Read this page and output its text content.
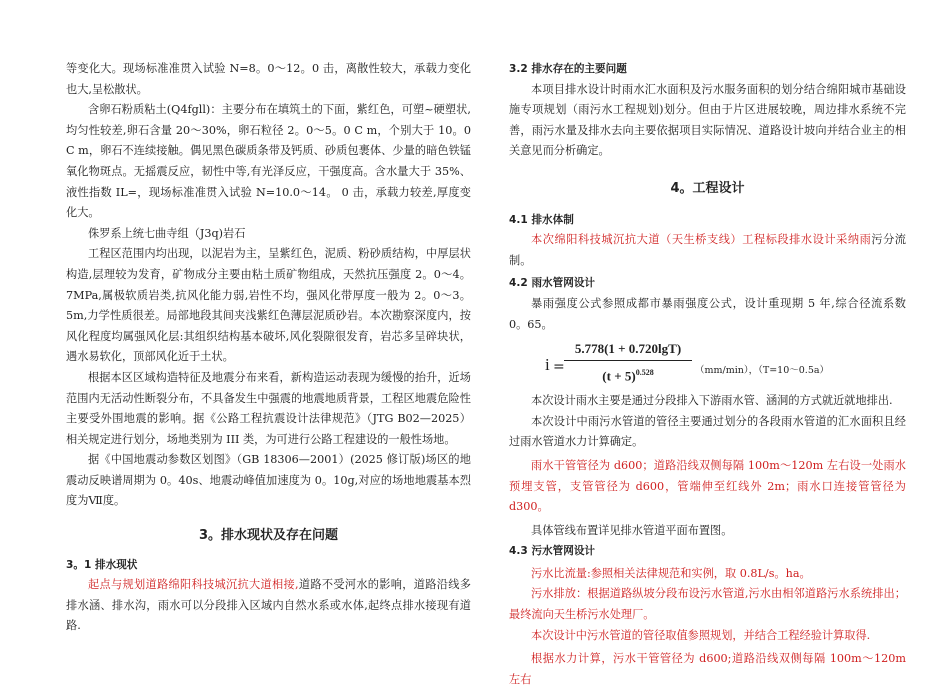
等变化大。现场标准准贯入试验 N=8。0～12。0 击，离散性较大，承载力变化也大,呈松散状。

含卵石粉质粘土(Q4fgll)：主要分布在填筑土的下面，紫红色，可塑~硬塑状,均匀性较差,卵石含量 20～30%，卵石粒径 2。0～5。0 C m，个别大于 10。0 C m，卵石不连续接触。偶见黑色碳质条带及钙质、砂质包裹体、少量的暗色铁锰氧化物斑点。无摇震反应，韧性中等,有光泽反应，干强度高。含水量大于 35%、液性指数 IL=，现场标准准贯入试验 N=10.0～14。 0 击，承载力较差,厚度变化大。

侏罗系上统七曲寺组（J3q)岩石

工程区范围内均出现，以泥岩为主，呈紫红色，泥质、粉砂质结构，中厚层状构造,层理较为发育，矿物成分主要由粘土质矿物组成，天然抗压强度 2。0～4。7MPa,属极软质岩类,抗风化能力弱,岩性不均，强风化带厚度一般为 2。0～3。5m,力学性质很差。局部地段其间夹浅紫红色薄层泥质砂岩。本次勘察深度内，按风化程度均属强风化层:其组织结构基本破坏,风化裂隙很发育，岩芯多呈碎块状，遇水易软化，顶部风化近于土状。

根据本区区域构造特征及地震分布来看，新构造运动表现为缓慢的抬升，近场范围内无活动性断裂分布，不具备发生中强震的地震地质背景，工程区地震危险性主要受外围地震的影响。据《公路工程抗震设计法律规范》（JTG B02—2025）相关规定进行划分，场地类别为 III 类，为可进行公路工程建设的一般性场地。

据《中国地震动参数区划图》（GB 18306—2001）(2025 修订版)场区的地震动反映谱周期为 0。40s、地震动峰值加速度为 0。10g,对应的场地地震基本烈度为Ⅶ度。

3。排水现状及存在问题
3。1 排水现状

起点与规划道路绵阳科技城沉抗大道相接,道路不受河水的影响，道路沿线多排水涵、排水沟，雨水可以分段排入区域内自然水系或水体,起终点排水接现有道路.

3.2 排水存在的主要问题

本项目排水设计时雨水汇水面积及污水服务面积的划分结合绵阳城市基础设施专项规划（雨污水工程规划)划分。但由于片区进展较晚，周边排水系统不完善，雨污水量及排水去向主要依据项目实际情况、道路设计坡向并结合业主的相关意见而分析确定。

4。工程设计
4.1 排水体制

本次绵阳科技城沉抗大道（天生桥支线）工程标段排水设计采纳雨污分流制。

4.2 雨水管网设计

暴雨强度公式参照成都市暴雨强度公式，设计重现期 5 年,综合径流系数 0。65。

i =
5.778(1 + 0.720lgT)
$(t + 5)^{0.528}$	（mm/min），（T=10～0.5a）

本次设计雨水主要是通过分段排入下游雨水管、涵洞的方式就近就地排出.

本次设计中雨污水管道的管径主要通过划分的各段雨水管道的汇水面积且经过雨水管道水力计算确定。

雨水干管管径为 d600；道路沿线双侧每隔 100m～120m 左右设一处雨水预埋支管，支管管径为 d600，管端伸至红线外 2m；雨水口连接管管径为 d300。

具体管线布置详见排水管道平面布置图。

4.3 污水管网设计

污水比流量:参照相关法律规范和实例，取 0.8L/s。ha。

污水排放：根据道路纵坡分段布设污水管道,污水由相邻道路污水系统排出；最终流向天生桥污水处理厂。

本次设计中污水管道的管径取值参照规划，并结合工程经验计算取得.

根据水力计算，污水干管管径为 d600;道路沿线双侧每隔 100m～120m 左右
